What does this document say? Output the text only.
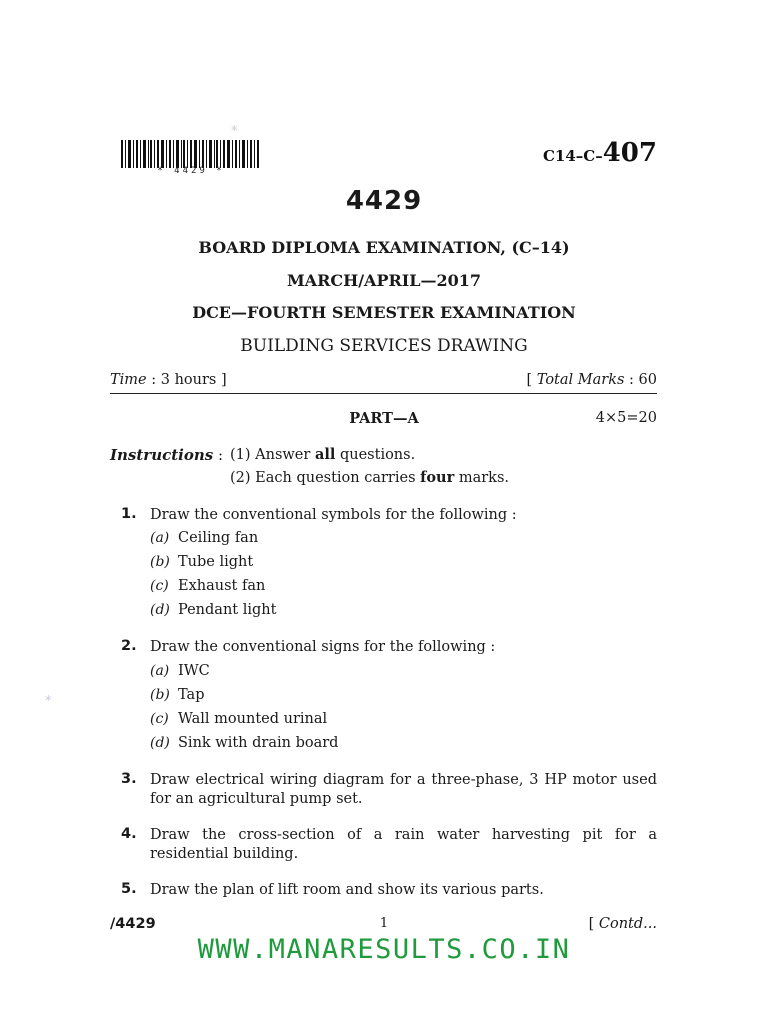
* 4429 *
*
*
C14–C–407
4429
BOARD DIPLOMA EXAMINATION, (C–14)
MARCH/APRIL—2017
DCE—FOURTH SEMESTER EXAMINATION
BUILDING SERVICES DRAWING
Time : 3 hours ]	[ Total Marks : 60
PART—A	4×5=20
Instructions : (1) Answer all questions.
(2) Each question carries four marks.
1. Draw the conventional symbols for the following :
(a) Ceiling fan
(b) Tube light
(c) Exhaust fan
(d) Pendant light
2. Draw the conventional signs for the following :
(a) IWC
(b) Tap
(c) Wall mounted urinal
(d) Sink with drain board
3. Draw electrical wiring diagram for a three-phase, 3 HP motor used for an agricultural pump set.
4. Draw the cross-section of a rain water harvesting pit for a residential building.
5. Draw the plan of lift room and show its various parts.
/4429	1	[ Contd...
WWW.MANARESULTS.CO.IN
